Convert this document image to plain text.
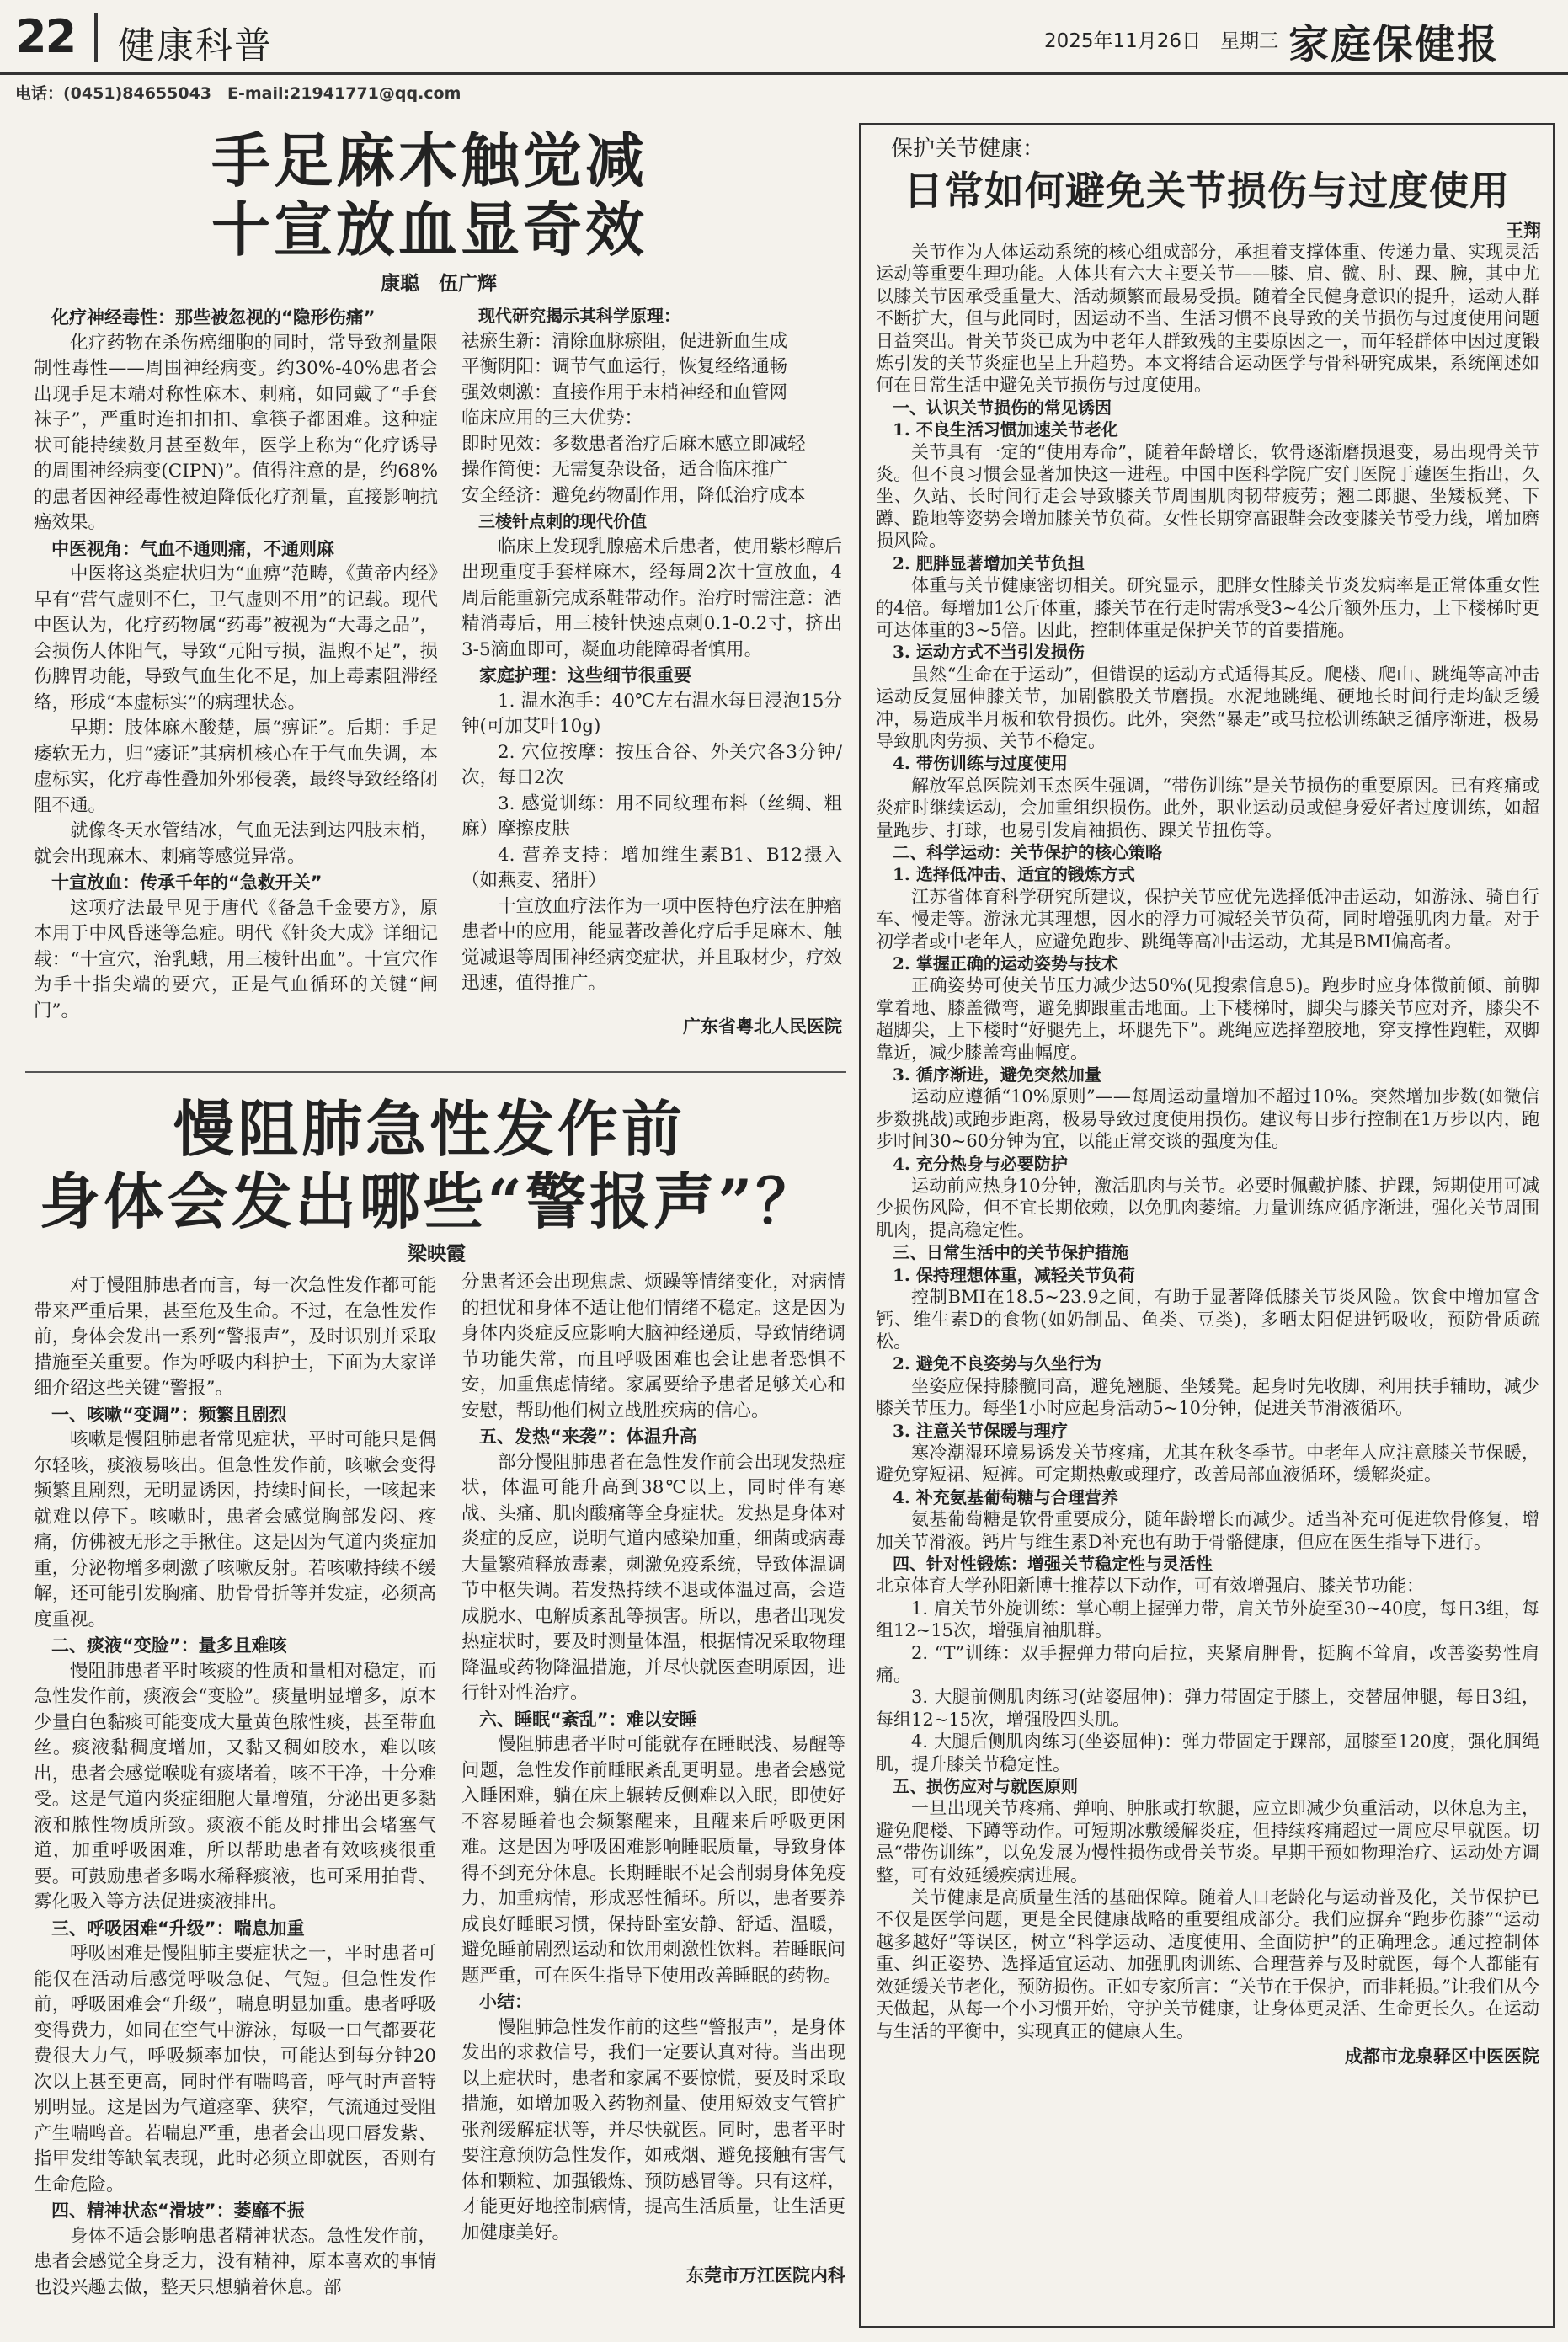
22 健康科普	2025年11月26日　星期三 家庭保健报
电话：(0451)84655043　E-mail:21941771@qq.com
手足麻木触觉减
十宣放血显奇效
康聪　伍广辉
化疗神经毒性：那些被忽视的“隐形伤痛”

化疗药物在杀伤癌细胞的同时，常导致剂量限制性毒性——周围神经病变。约30%-40%患者会出现手足末端对称性麻木、刺痛，如同戴了“手套袜子”，严重时连扣扣扣、拿筷子都困难。这种症状可能持续数月甚至数年，医学上称为“化疗诱导的周围神经病变(CIPN)”。值得注意的是，约68%的患者因神经毒性被迫降低化疗剂量，直接影响抗癌效果。

中医视角：气血不通则痛，不通则麻

中医将这类症状归为“血痹”范畴，《黄帝内经》早有“营气虚则不仁，卫气虚则不用”的记载。现代中医认为，化疗药物属“药毒”被视为“大毒之品”，会损伤人体阳气，导致“元阳亏损，温煦不足”，损伤脾胃功能，导致气血生化不足，加上毒素阻滞经络，形成“本虚标实”的病理状态。

早期：肢体麻木酸楚，属“痹证”。后期：手足痿软无力，归“痿证”其病机核心在于气血失调，本虚标实，化疗毒性叠加外邪侵袭，最终导致经络闭阻不通。

就像冬天水管结冰，气血无法到达四肢末梢，就会出现麻木、刺痛等感觉异常。

十宣放血：传承千年的“急救开关”

这项疗法最早见于唐代《备急千金要方》，原本用于中风昏迷等急症。明代《针灸大成》详细记载：“十宣穴，治乳蛾，用三棱针出血”。十宣穴作为手十指尖端的要穴，正是气血循环的关键“闸门”。

现代研究揭示其科学原理：

祛瘀生新：清除血脉瘀阻，促进新血生成

平衡阴阳：调节气血运行，恢复经络通畅

强效刺激：直接作用于末梢神经和血管网

临床应用的三大优势：

即时见效：多数患者治疗后麻木感立即减轻

操作简便：无需复杂设备，适合临床推广

安全经济：避免药物副作用，降低治疗成本

三棱针点刺的现代价值

临床上发现乳腺癌术后患者，使用紫杉醇后出现重度手套样麻木，经每周2次十宣放血，4周后能重新完成系鞋带动作。治疗时需注意：酒精消毒后，用三棱针快速点刺0.1-0.2寸，挤出3-5滴血即可，凝血功能障碍者慎用。

家庭护理：这些细节很重要

1. 温水泡手：40℃左右温水每日浸泡15分钟(可加艾叶10g)

2. 穴位按摩：按压合谷、外关穴各3分钟/次，每日2次

3. 感觉训练：用不同纹理布料（丝绸、粗麻）摩擦皮肤

4. 营养支持：增加维生素B1、B12摄入（如燕麦、猪肝）

十宣放血疗法作为一项中医特色疗法在肿瘤患者中的应用，能显著改善化疗后手足麻木、触觉减退等周围神经病变症状，并且取材少，疗效迅速，值得推广。

广东省粤北人民医院
慢阻肺急性发作前
身体会发出哪些“警报声”？
梁映霞

对于慢阻肺患者而言，每一次急性发作都可能带来严重后果，甚至危及生命。不过，在急性发作前，身体会发出一系列“警报声”，及时识别并采取措施至关重要。作为呼吸内科护士，下面为大家详细介绍这些关键“警报”。

一、咳嗽“变调”：频繁且剧烈

咳嗽是慢阻肺患者常见症状，平时可能只是偶尔轻咳，痰液易咳出。但急性发作前，咳嗽会变得频繁且剧烈，无明显诱因，持续时间长，一咳起来就难以停下。咳嗽时，患者会感觉胸部发闷、疼痛，仿佛被无形之手揪住。这是因为气道内炎症加重，分泌物增多刺激了咳嗽反射。若咳嗽持续不缓解，还可能引发胸痛、肋骨骨折等并发症，必须高度重视。

二、痰液“变脸”：量多且难咳

慢阻肺患者平时咳痰的性质和量相对稳定，而急性发作前，痰液会“变脸”。痰量明显增多，原本少量白色黏痰可能变成大量黄色脓性痰，甚至带血丝。痰液黏稠度增加，又黏又稠如胶水，难以咳出，患者会感觉喉咙有痰堵着，咳不干净，十分难受。这是气道内炎症细胞大量增殖，分泌出更多黏液和脓性物质所致。痰液不能及时排出会堵塞气道，加重呼吸困难，所以帮助患者有效咳痰很重要。可鼓励患者多喝水稀释痰液，也可采用拍背、雾化吸入等方法促进痰液排出。

三、呼吸困难“升级”：喘息加重

呼吸困难是慢阻肺主要症状之一，平时患者可能仅在活动后感觉呼吸急促、气短。但急性发作前，呼吸困难会“升级”，喘息明显加重。患者呼吸变得费力，如同在空气中游泳，每吸一口气都要花费很大力气，呼吸频率加快，可能达到每分钟20次以上甚至更高，同时伴有喘鸣音，呼气时声音特别明显。这是因为气道痉挛、狭窄，气流通过受阻产生喘鸣音。若喘息严重，患者会出现口唇发紫、指甲发绀等缺氧表现，此时必须立即就医，否则有生命危险。

四、精神状态“滑坡”：萎靡不振

身体不适会影响患者精神状态。急性发作前，患者会感觉全身乏力，没有精神，原本喜欢的事情也没兴趣去做，整天只想躺着休息。部

分患者还会出现焦虑、烦躁等情绪变化，对病情的担忧和身体不适让他们情绪不稳定。这是因为身体内炎症反应影响大脑神经递质，导致情绪调节功能失常，而且呼吸困难也会让患者恐惧不安，加重焦虑情绪。家属要给予患者足够关心和安慰，帮助他们树立战胜疾病的信心。

五、发热“来袭”：体温升高

部分慢阻肺患者在急性发作前会出现发热症状，体温可能升高到38℃以上，同时伴有寒战、头痛、肌肉酸痛等全身症状。发热是身体对炎症的反应，说明气道内感染加重，细菌或病毒大量繁殖释放毒素，刺激免疫系统，导致体温调节中枢失调。若发热持续不退或体温过高，会造成脱水、电解质紊乱等损害。所以，患者出现发热症状时，要及时测量体温，根据情况采取物理降温或药物降温措施，并尽快就医查明原因，进行针对性治疗。

六、睡眠“紊乱”：难以安睡

慢阻肺患者平时可能就存在睡眠浅、易醒等问题，急性发作前睡眠紊乱更明显。患者会感觉入睡困难，躺在床上辗转反侧难以入眠，即使好不容易睡着也会频繁醒来，且醒来后呼吸更困难。这是因为呼吸困难影响睡眠质量，导致身体得不到充分休息。长期睡眠不足会削弱身体免疫力，加重病情，形成恶性循环。所以，患者要养成良好睡眠习惯，保持卧室安静、舒适、温暖，避免睡前剧烈运动和饮用刺激性饮料。若睡眠问题严重，可在医生指导下使用改善睡眠的药物。

小结：

慢阻肺急性发作前的这些“警报声”，是身体发出的求救信号，我们一定要认真对待。当出现以上症状时，患者和家属不要惊慌，要及时采取措施，如增加吸入药物剂量、使用短效支气管扩张剂缓解症状等，并尽快就医。同时，患者平时要注意预防急性发作，如戒烟、避免接触有害气体和颗粒、加强锻炼、预防感冒等。只有这样，才能更好地控制病情，提高生活质量，让生活更加健康美好。

东莞市万江医院内科
保护关节健康：
日常如何避免关节损伤与过度使用
王翔

关节作为人体运动系统的核心组成部分，承担着支撑体重、传递力量、实现灵活运动等重要生理功能。人体共有六大主要关节——膝、肩、髋、肘、踝、腕，其中尤以膝关节因承受重量大、活动频繁而最易受损。随着全民健身意识的提升，运动人群不断扩大，但与此同时，因运动不当、生活习惯不良导致的关节损伤与过度使用问题日益突出。骨关节炎已成为中老年人群致残的主要原因之一，而年轻群体中因过度锻炼引发的关节炎症也呈上升趋势。本文将结合运动医学与骨科研究成果，系统阐述如何在日常生活中避免关节损伤与过度使用。

一、认识关节损伤的常见诱因
1. 不良生活习惯加速关节老化

关节具有一定的“使用寿命”，随着年龄增长，软骨逐渐磨损退变，易出现骨关节炎。但不良习惯会显著加快这一进程。中国中医科学院广安门医院于蘧医生指出，久坐、久站、长时间行走会导致膝关节周围肌肉韧带疲劳；翘二郎腿、坐矮板凳、下蹲、跪地等姿势会增加膝关节负荷。女性长期穿高跟鞋会改变膝关节受力线，增加磨损风险。

2. 肥胖显著增加关节负担

体重与关节健康密切相关。研究显示，肥胖女性膝关节炎发病率是正常体重女性的4倍。每增加1公斤体重，膝关节在行走时需承受3~4公斤额外压力，上下楼梯时更可达体重的3~5倍。因此，控制体重是保护关节的首要措施。

3. 运动方式不当引发损伤

虽然“生命在于运动”，但错误的运动方式适得其反。爬楼、爬山、跳绳等高冲击运动反复屈伸膝关节，加剧髌股关节磨损。水泥地跳绳、硬地长时间行走均缺乏缓冲，易造成半月板和软骨损伤。此外，突然“暴走”或马拉松训练缺乏循序渐进，极易导致肌肉劳损、关节不稳定。

4. 带伤训练与过度使用

解放军总医院刘玉杰医生强调，“带伤训练”是关节损伤的重要原因。已有疼痛或炎症时继续运动，会加重组织损伤。此外，职业运动员或健身爱好者过度训练，如超量跑步、打球，也易引发肩袖损伤、踝关节扭伤等。

二、科学运动：关节保护的核心策略
1. 选择低冲击、适宜的锻炼方式

江苏省体育科学研究所建议，保护关节应优先选择低冲击运动，如游泳、骑自行车、慢走等。游泳尤其理想，因水的浮力可减轻关节负荷，同时增强肌肉力量。对于初学者或中老年人，应避免跑步、跳绳等高冲击运动，尤其是BMI偏高者。

2. 掌握正确的运动姿势与技术

正确姿势可使关节压力减少达50%(见搜索信息5)。跑步时应身体微前倾、前脚掌着地、膝盖微弯，避免脚跟重击地面。上下楼梯时，脚尖与膝关节应对齐，膝尖不超脚尖，上下楼时“好腿先上，坏腿先下”。跳绳应选择塑胶地，穿支撑性跑鞋，双脚靠近，减少膝盖弯曲幅度。

3. 循序渐进，避免突然加量

运动应遵循“10%原则”——每周运动量增加不超过10%。突然增加步数(如微信步数挑战)或跑步距离，极易导致过度使用损伤。建议每日步行控制在1万步以内，跑步时间30~60分钟为宜，以能正常交谈的强度为佳。

4. 充分热身与必要防护

运动前应热身10分钟，激活肌肉与关节。必要时佩戴护膝、护踝，短期使用可减少损伤风险，但不宜长期依赖，以免肌肉萎缩。力量训练应循序渐进，强化关节周围肌肉，提高稳定性。

三、日常生活中的关节保护措施
1. 保持理想体重，减轻关节负荷

控制BMI在18.5~23.9之间，有助于显著降低膝关节炎风险。饮食中增加富含钙、维生素D的食物(如奶制品、鱼类、豆类)，多晒太阳促进钙吸收，预防骨质疏松。

2. 避免不良姿势与久坐行为

坐姿应保持膝髋同高，避免翘腿、坐矮凳。起身时先收脚，利用扶手辅助，减少膝关节压力。每坐1小时应起身活动5~10分钟，促进关节滑液循环。

3. 注意关节保暖与理疗

寒冷潮湿环境易诱发关节疼痛，尤其在秋冬季节。中老年人应注意膝关节保暖，避免穿短裙、短裤。可定期热敷或理疗，改善局部血液循环，缓解炎症。

4. 补充氨基葡萄糖与合理营养

氨基葡萄糖是软骨重要成分，随年龄增长而减少。适当补充可促进软骨修复，增加关节滑液。钙片与维生素D补充也有助于骨骼健康，但应在医生指导下进行。

四、针对性锻炼：增强关节稳定性与灵活性

北京体育大学孙阳新博士推荐以下动作，可有效增强肩、膝关节功能：

1. 肩关节外旋训练：掌心朝上握弹力带，肩关节外旋至30~40度，每日3组，每组12~15次，增强肩袖肌群。

2. “T”训练：双手握弹力带向后拉，夹紧肩胛骨，挺胸不耸肩，改善姿势性肩痛。

3. 大腿前侧肌肉练习(站姿屈伸)：弹力带固定于膝上，交替屈伸腿，每日3组，每组12~15次，增强股四头肌。

4. 大腿后侧肌肉练习(坐姿屈伸)：弹力带固定于踝部，屈膝至120度，强化腘绳肌，提升膝关节稳定性。

五、损伤应对与就医原则

一旦出现关节疼痛、弹响、肿胀或打软腿，应立即减少负重活动，以休息为主，避免爬楼、下蹲等动作。可短期冰敷缓解炎症，但持续疼痛超过一周应尽早就医。切忌“带伤训练”，以免发展为慢性损伤或骨关节炎。早期干预如物理治疗、运动处方调整，可有效延缓疾病进展。

关节健康是高质量生活的基础保障。随着人口老龄化与运动普及化，关节保护已不仅是医学问题，更是全民健康战略的重要组成部分。我们应摒弃“跑步伤膝”“运动越多越好”等误区，树立“科学运动、适度使用、全面防护”的正确理念。通过控制体重、纠正姿势、选择适宜运动、加强肌肉训练、合理营养与及时就医，每个人都能有效延缓关节老化，预防损伤。正如专家所言：“关节在于保护，而非耗损。”让我们从今天做起，从每一个小习惯开始，守护关节健康，让身体更灵活、生命更长久。在运动与生活的平衡中，实现真正的健康人生。

成都市龙泉驿区中医医院
